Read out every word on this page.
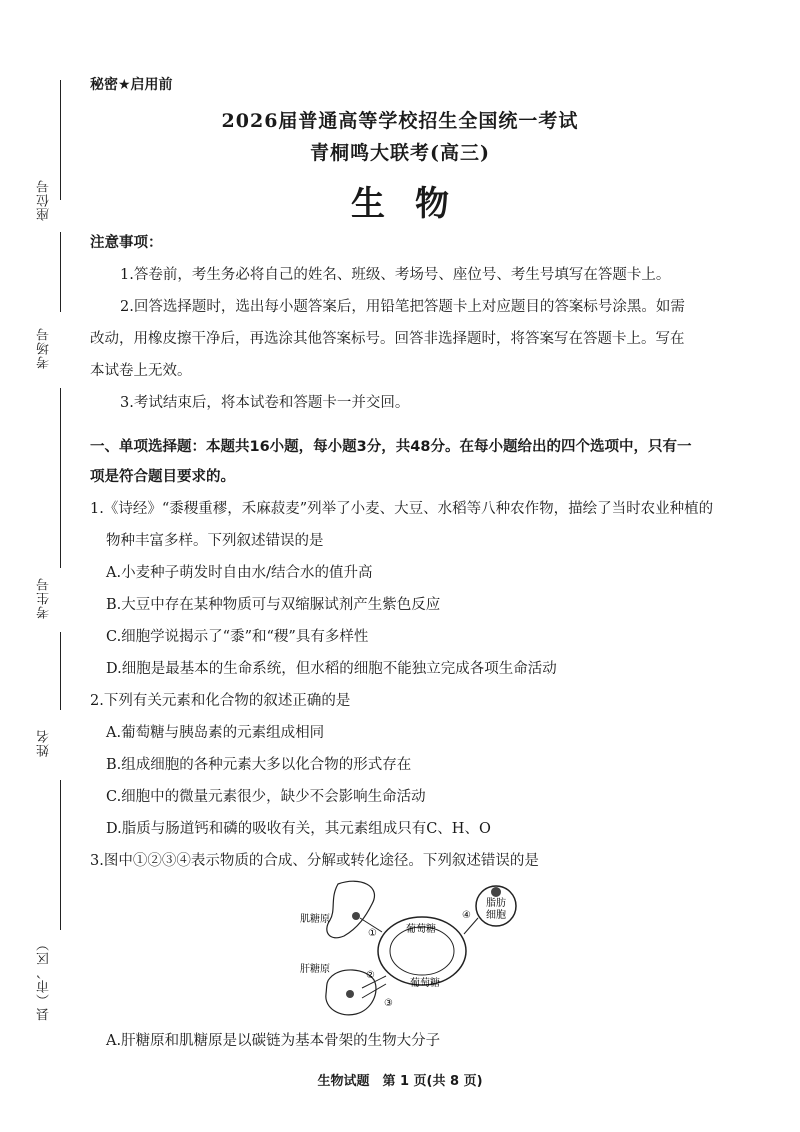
座位号
考场号
考生号
姓名
县（市、区）
秘密★启用前
2026届普通高等学校招生全国统一考试
青桐鸣大联考(高三)
生物
注意事项：
1.答卷前，考生务必将自己的姓名、班级、考场号、座位号、考生号填写在答题卡上。
2.回答选择题时，选出每小题答案后，用铅笔把答题卡上对应题目的答案标号涂黑。如需
改动，用橡皮擦干净后，再选涂其他答案标号。回答非选择题时，将答案写在答题卡上。写在
本试卷上无效。
3.考试结束后，将本试卷和答题卡一并交回。
一、单项选择题：本题共16小题，每小题3分，共48分。在每小题给出的四个选项中，只有一
项是符合题目要求的。
1.《诗经》“黍稷重穋，禾麻菽麦”列举了小麦、大豆、水稻等八种农作物，描绘了当时农业种植的
物种丰富多样。下列叙述错误的是
A.小麦种子萌发时自由水/结合水的值升高
B.大豆中存在某种物质可与双缩脲试剂产生紫色反应
C.细胞学说揭示了“黍”和“稷”具有多样性
D.细胞是最基本的生命系统，但水稻的细胞不能独立完成各项生命活动
2.下列有关元素和化合物的叙述正确的是
A.葡萄糖与胰岛素的元素组成相同
B.组成细胞的各种元素大多以化合物的形式存在
C.细胞中的微量元素很少，缺少不会影响生命活动
D.脂质与肠道钙和磷的吸收有关，其元素组成只有C、H、O
3.图中①②③④表示物质的合成、分解或转化途径。下列叙述错误的是
A.肝糖原和肌糖原是以碳链为基本骨架的生物大分子
肌糖原
肝糖原
葡萄糖
葡萄糖
脂肪
细胞
①
②
③
④
生物试题　第 1 页(共 8 页)
